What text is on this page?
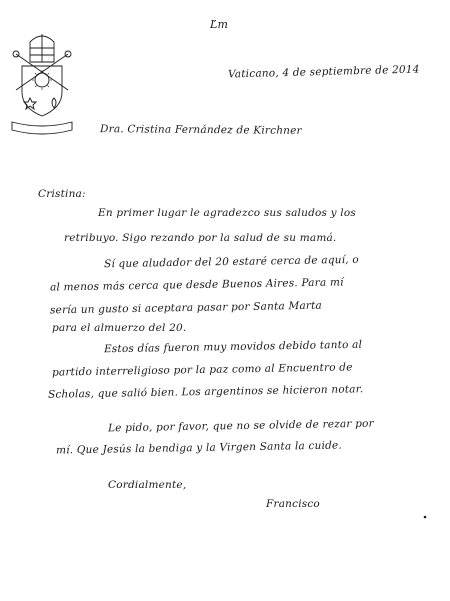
Ľm
Vaticano, 4 de septiembre de 2014
Dra. Cristina Fernández de Kirchner
Cristina:
En primer lugar le agradezco sus saludos y los
retribuyo. Sigo rezando por la salud de su mamá.
Sí que aludador del 20 estaré cerca de aquí, o
al menos más cerca que desde Buenos Aires. Para mí
sería un gusto si aceptara pasar por Santa Marta
para el almuerzo del 20.
Estos días fueron muy movidos debido tanto al
partido interreligioso por la paz como al Encuentro de
Scholas, que salió bien. Los argentinos se hicieron notar.
Le pido, por favor, que no se olvide de rezar por
mí. Que Jesús la bendiga y la Virgen Santa la cuide.
Cordialmente,
Francisco
